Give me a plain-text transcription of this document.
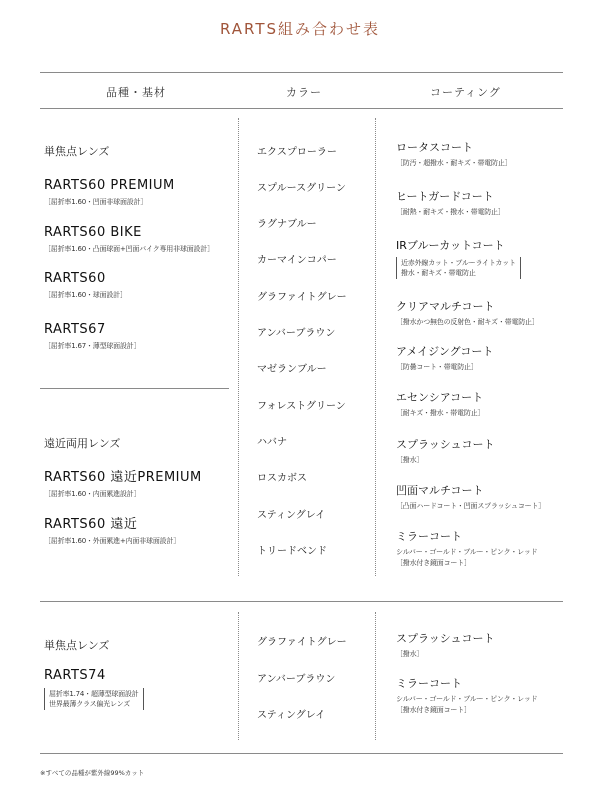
RARTS組み合わせ表
品種・基材	カラー	コーティング
単焦点レンズ
RARTS60 PREMIUM
［屈折率1.60・凹面非球面設計］
RARTS60 BIKE
［屈折率1.60・凸面球面+凹面バイク専用非球面設計］
RARTS60
［屈折率1.60・球面設計］
RARTS67
［屈折率1.67・薄型球面設計］
遠近両用レンズ
RARTS60 遠近PREMIUM
［屈折率1.60・内面累進設計］
RARTS60 遠近
［屈折率1.60・外面累進+内面非球面設計］
エクスプローラー
スプルースグリーン
ラグナブルー
カーマインコパー
グラファイトグレー
アンバーブラウン
マゼランブルー
フォレストグリーン
ハバナ
ロスカボス
スティングレイ
トリードベンド
ロータスコート
［防汚・超撥水・耐キズ・帯電防止］
ヒートガードコート
［耐熱・耐キズ・撥水・帯電防止］
IRブルーカットコート
近赤外線カット・ブルーライトカット
撥水・耐キズ・帯電防止
クリアマルチコート
［撥水かつ無色の反射色・耐キズ・帯電防止］
アメイジングコート
［防曇コート・帯電防止］
エセンシアコート
［耐キズ・撥水・帯電防止］
スプラッシュコート
［撥水］
凹面マルチコート
［凸面ハードコート・凹面スプラッシュコート］
ミラーコート
シルバー・ゴールド・ブルー・ピンク・レッド
［撥水付き鏡面コート］
単焦点レンズ
RARTS74
屈折率1.74・超薄型球面設計
世界最薄クラス偏光レンズ
グラファイトグレー
アンバーブラウン
スティングレイ
スプラッシュコート
［撥水］
ミラーコート
シルバー・ゴールド・ブルー・ピンク・レッド
［撥水付き鏡面コート］
※すべての品種が紫外線99%カット
